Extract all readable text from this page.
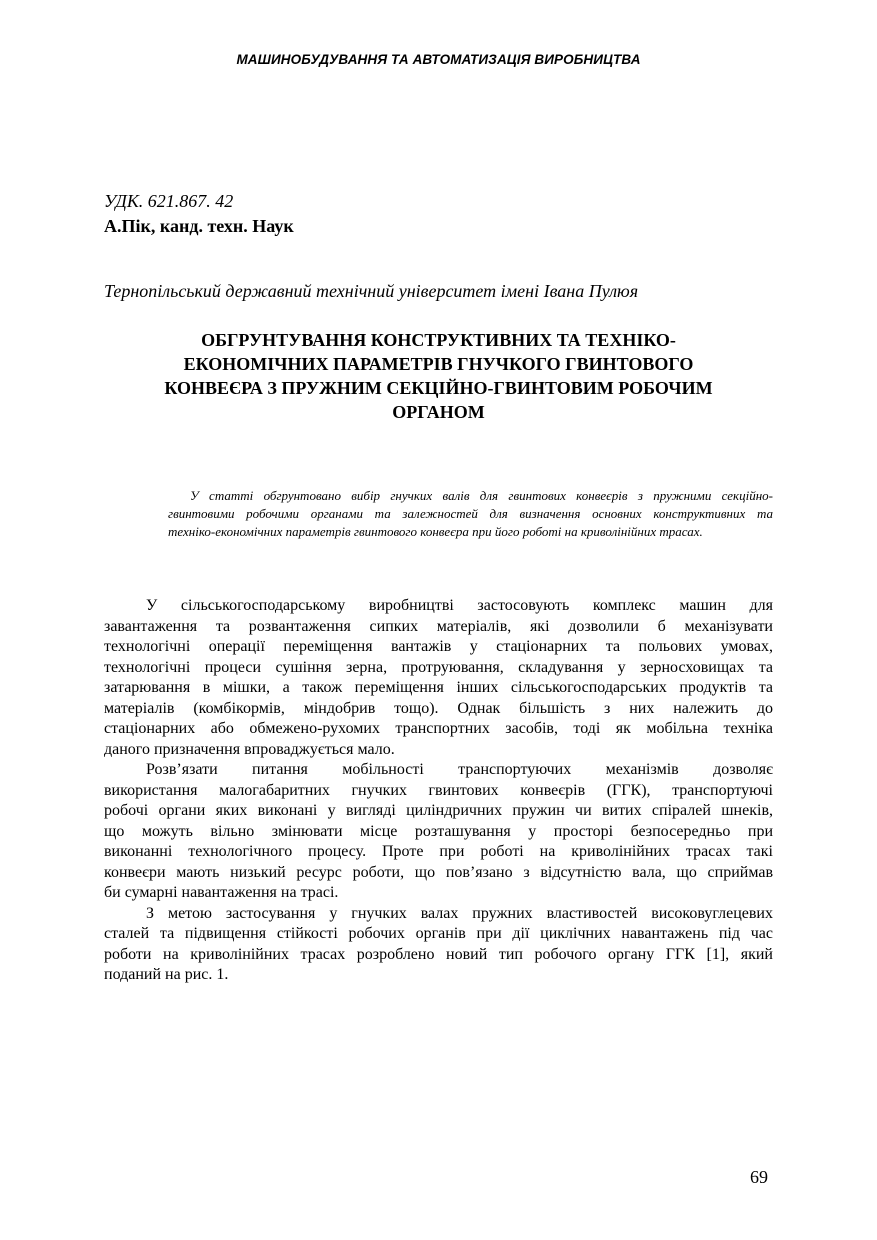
МАШИНОБУДУВАННЯ ТА АВТОМАТИЗАЦІЯ ВИРОБНИЦТВА
УДК. 621.867. 42
А.Пік, канд. техн. Наук
Тернопільський державний технічний університет імені Івана Пулюя
ОБГРУНТУВАННЯ КОНСТРУКТИВНИХ ТА ТЕХНІКО-
ЕКОНОМІЧНИХ ПАРАМЕТРІВ ГНУЧКОГО ГВИНТОВОГО
КОНВЕЄРА З ПРУЖНИМ СЕКЦІЙНО-ГВИНТОВИМ РОБОЧИМ
ОРГАНОМ
У статті обгрунтовано вибір гнучких валів для гвинтових конвеєрів з пружними секційно-
гвинтовими робочими органами та залежностей для визначення основних конструктивних та
техніко-економічних параметрів гвинтового конвеєра при його роботі на криволінійних трасах.
У сільськогосподарському виробництві застосовують комплекс машин для
завантаження та розвантаження сипких матеріалів, які дозволили б механізувати
технологічні операції переміщення вантажів у стаціонарних та польових умовах,
технологічні процеси сушіння зерна, протруювання, складування у зерносховищах та
затарювання в мішки, а також переміщення інших сільськогосподарських продуктів та
матеріалів (комбікормів, міндобрив тощо). Однак більшість з них належить до
стаціонарних або обмежено-рухомих транспортних засобів, тоді як мобільна техніка
даного призначення впроваджується мало.
Розв’язати питання мобільності транспортуючих механізмів дозволяє
використання малогабаритних гнучких гвинтових конвеєрів (ГГК), транспортуючі
робочі органи яких виконані у вигляді циліндричних пружин чи витих спіралей шнеків,
що можуть вільно змінювати місце розташування у просторі безпосередньо при
виконанні технологічного процесу. Проте при роботі на криволінійних трасах такі
конвеєри мають низький ресурс роботи, що пов’язано з відсутністю вала, що сприймав
би сумарні навантаження на трасі.
З метою застосування у гнучких валах пружних властивостей високовуглецевих
сталей та підвищення стійкості робочих органів при дії циклічних навантажень під час
роботи на криволінійних трасах розроблено новий тип робочого органу ГГК [1], який
поданий на рис. 1.
69
